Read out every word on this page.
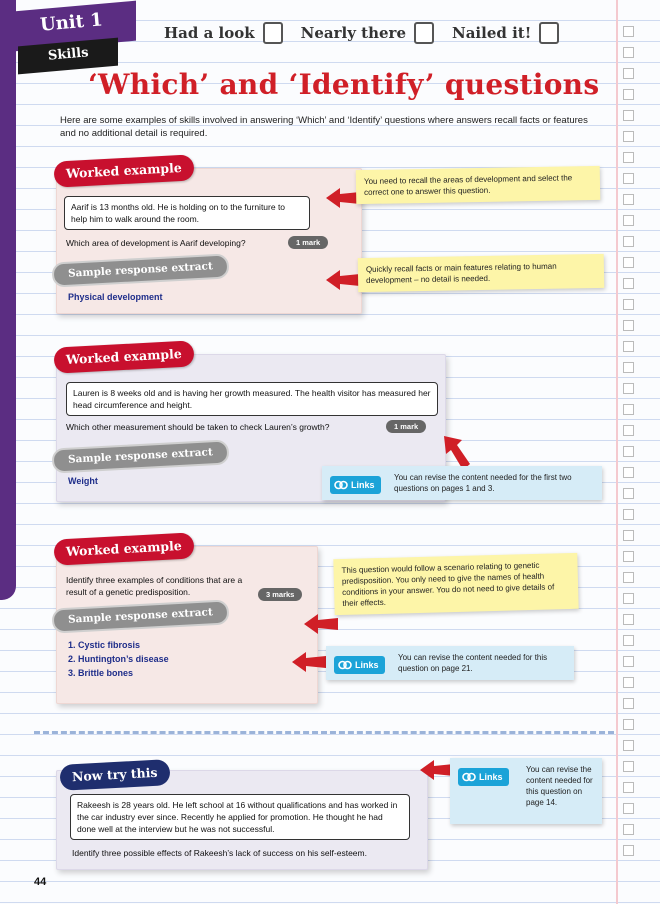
Unit 1
Skills
Had a look	Nearly there	Nailed it!
‘Which’ and ‘Identify’ questions
Here are some examples of skills involved in answering ‘Which’ and ‘Identify’ questions where answers recall facts or features and no additional detail is required.
Worked example
Aarif is 13 months old. He is holding on to the furniture to help him to walk around the room.
Which area of development is Aarif developing?	1 mark
Sample response extract
Physical development
You need to recall the areas of development and select the correct one to answer this question.
Quickly recall facts or main features relating to human development – no detail is needed.
Worked example
Lauren is 8 weeks old and is having her growth measured. The health visitor has measured her head circumference and height.
Which other measurement should be taken to check Lauren’s growth?	1 mark
Sample response extract
Weight	Links
You can revise the content needed for the first two questions on pages 1 and 3.
Worked example
Identify three examples of conditions that are a result of a genetic predisposition.	3 marks
Sample response extract
1. Cystic fibrosis
2. Huntington’s disease
3. Brittle bones
This question would follow a scenario relating to genetic predisposition. You only need to give the names of health conditions in your answer. You do not need to give details of their effects.
Links
You can revise the content needed for this question on page 21.
Now try this
Rakeesh is 28 years old. He left school at 16 without qualifications and has worked in the car industry ever since. Recently he applied for promotion. He thought he had done well at the interview but he was not successful.
Identify three possible effects of Rakeesh’s lack of success on his self-esteem.
Links
You can revise the content needed for this question on page 14.
44
